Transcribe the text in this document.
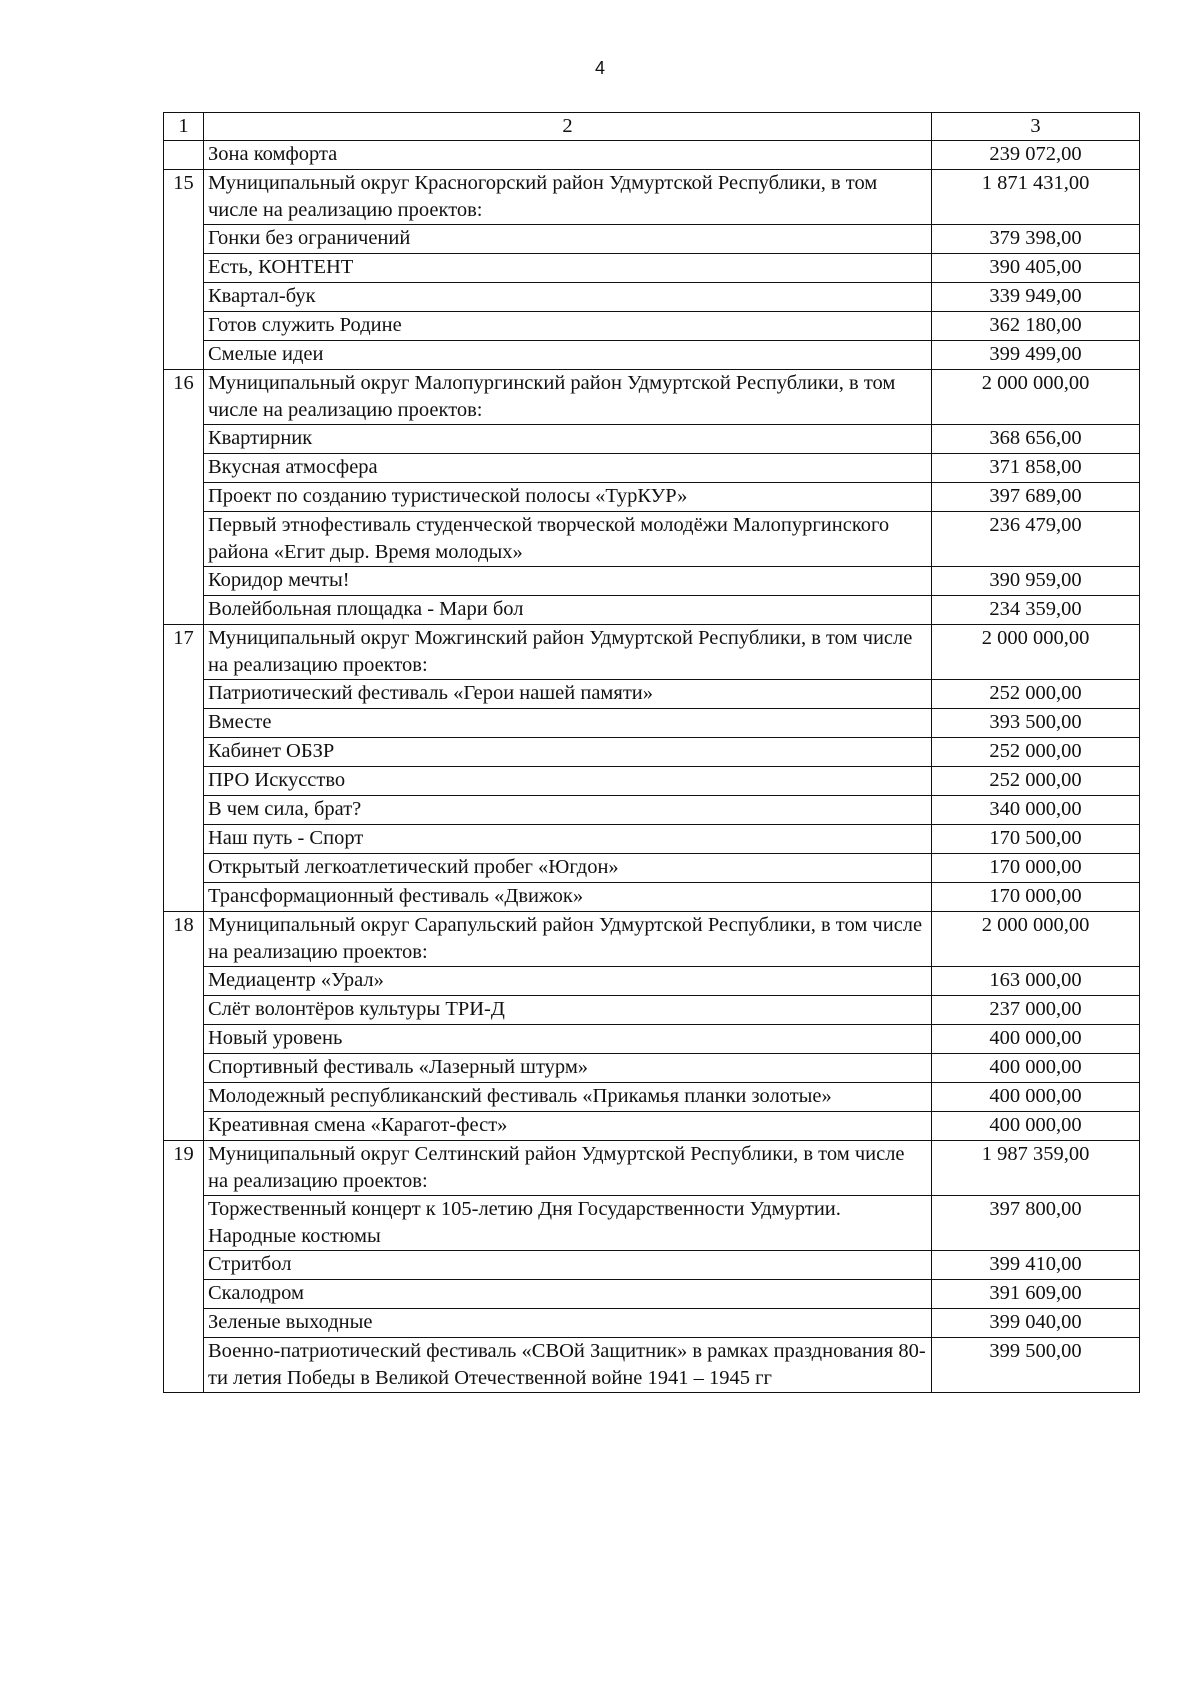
4
1	2	3
	Зона комфорта	239 072,00
15	Муниципальный округ Красногорский район Удмуртской Республики, в том числе на реализацию проектов:	1 871 431,00
	Гонки без ограничений	379 398,00
	Есть, КОНТЕНТ	390 405,00
	Квартал-бук	339 949,00
	Готов служить Родине	362 180,00
	Смелые идеи	399 499,00
16	Муниципальный округ Малопургинский район Удмуртской Республики, в том числе на реализацию проектов:	2 000 000,00
	Квартирник	368 656,00
	Вкусная атмосфера	371 858,00
	Проект по созданию туристической полосы «ТурКУР»	397 689,00
	Первый этнофестиваль студенческой творческой молодёжи Малопургинского района «Егит дыр. Время молодых»	236 479,00
	Коридор мечты!	390 959,00
	Волейбольная площадка - Мари бол	234 359,00
17	Муниципальный округ Можгинский район Удмуртской Республики, в том числе на реализацию проектов:	2 000 000,00
	Патриотический фестиваль «Герои нашей памяти»	252 000,00
	Вместе	393 500,00
	Кабинет ОБЗР	252 000,00
	ПРО Искусство	252 000,00
	В чем сила, брат?	340 000,00
	Наш путь - Спорт	170 500,00
	Открытый легкоатлетический пробег «Югдон»	170 000,00
	Трансформационный фестиваль «Движок»	170 000,00
18	Муниципальный округ Сарапульский район Удмуртской Республики, в том числе на реализацию проектов:	2 000 000,00
	Медиацентр «Урал»	163 000,00
	Слёт волонтёров культуры ТРИ-Д	237 000,00
	Новый уровень	400 000,00
	Спортивный фестиваль «Лазерный штурм»	400 000,00
	Молодежный республиканский фестиваль «Прикамья планки золотые»	400 000,00
	Креативная смена «Карагот-фест»	400 000,00
19	Муниципальный округ Селтинский район Удмуртской Республики, в том числе на реализацию проектов:	1 987 359,00
	Торжественный концерт к 105-летию Дня Государственности Удмуртии. Народные костюмы	397 800,00
	Стритбол	399 410,00
	Скалодром	391 609,00
	Зеленые выходные	399 040,00
	Военно-патриотический фестиваль «СВОй Защитник» в рамках празднования 80-ти летия Победы в Великой Отечественной войне 1941 – 1945 гг	399 500,00
